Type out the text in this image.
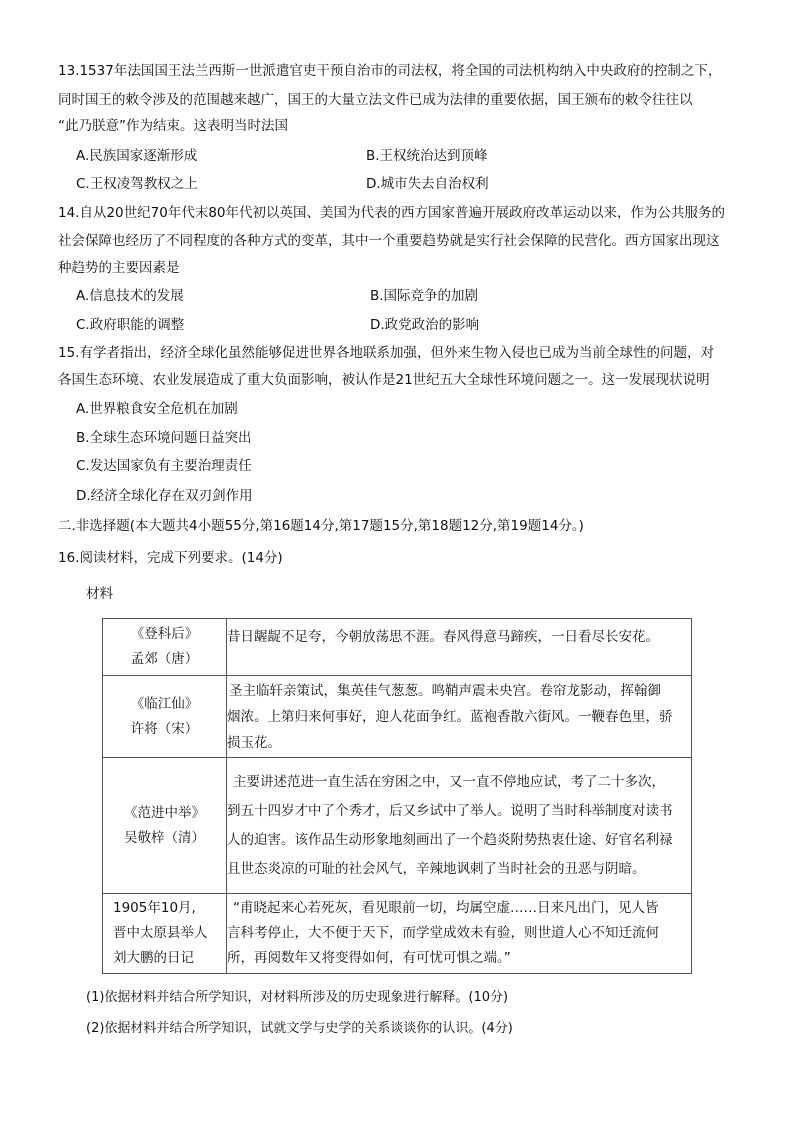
13.1537年法国国王法兰西斯一世派遣官吏干预自治市的司法权，将全国的司法机构纳入中央政府的控制之下，
同时国王的敕令涉及的范围越来越广，国王的大量立法文件已成为法律的重要依据，国王颁布的敕令往往以
“此乃朕意”作为结束。这表明当时法国
A.民族国家逐渐形成	B.王权统治达到顶峰
C.王权凌驾教权之上	D.城市失去自治权利
14.自从20世纪70年代末80年代初以英国、美国为代表的西方国家普遍开展政府改革运动以来，作为公共服务的
社会保障也经历了不同程度的各种方式的变革，其中一个重要趋势就是实行社会保障的民营化。西方国家出现这
种趋势的主要因素是
A.信息技术的发展	B.国际竞争的加剧
C.政府职能的调整	D.政党政治的影响
15.有学者指出，经济全球化虽然能够促进世界各地联系加强，但外来生物入侵也已成为当前全球性的问题，对
各国生态环境、农业发展造成了重大负面影响，被认作是21世纪五大全球性环境问题之一。这一发展现状说明
A.世界粮食安全危机在加剧
B.全球生态环境问题日益突出
C.发达国家负有主要治理责任
D.经济全球化存在双刃剑作用
二.非选择题(本大题共4小题55分,第16题14分,第17题15分,第18题12分,第19题14分。)
16.阅读材料，完成下列要求。(14分)
材料
《登科后》
孟郊（唐）	昔日龌龊不足夸，今朝放荡思不涯。春风得意马蹄疾，一日看尽长安花。

《临江仙》
许将（宋）	圣主临轩亲策试，集英佳气葱葱。鸣鞘声震未央宫。卷帘龙影动，挥翰御
烟浓。上第归来何事好，迎人花面争红。蓝袍香散六街风。一鞭春色里，骄
损玉花。

《范进中举》
吴敬梓（清）	主要讲述范进一直生活在穷困之中，又一直不停地应试，考了二十多次，
到五十四岁才中了个秀才，后又乡试中了举人。说明了当时科举制度对读书
人的迫害。该作品生动形象地刻画出了一个趋炎附势热衷仕途、好官名利禄
且世态炎凉的可耻的社会风气，辛辣地讽刺了当时社会的丑恶与阴暗。

1905年10月,
晋中太原县举人
刘大鹏的日记	“甫晓起来心若死灰，看见眼前一切，均属空虚……日来凡出门，见人皆
言科考停止，大不便于天下，而学堂成效未有验，则世道人心不知迁流何
所，再阅数年又将变得如何，有可忧可惧之端。”
(1)依据材料并结合所学知识，对材料所涉及的历史现象进行解释。(10分)
(2)依据材料并结合所学知识，试就文学与史学的关系谈谈你的认识。(4分)
